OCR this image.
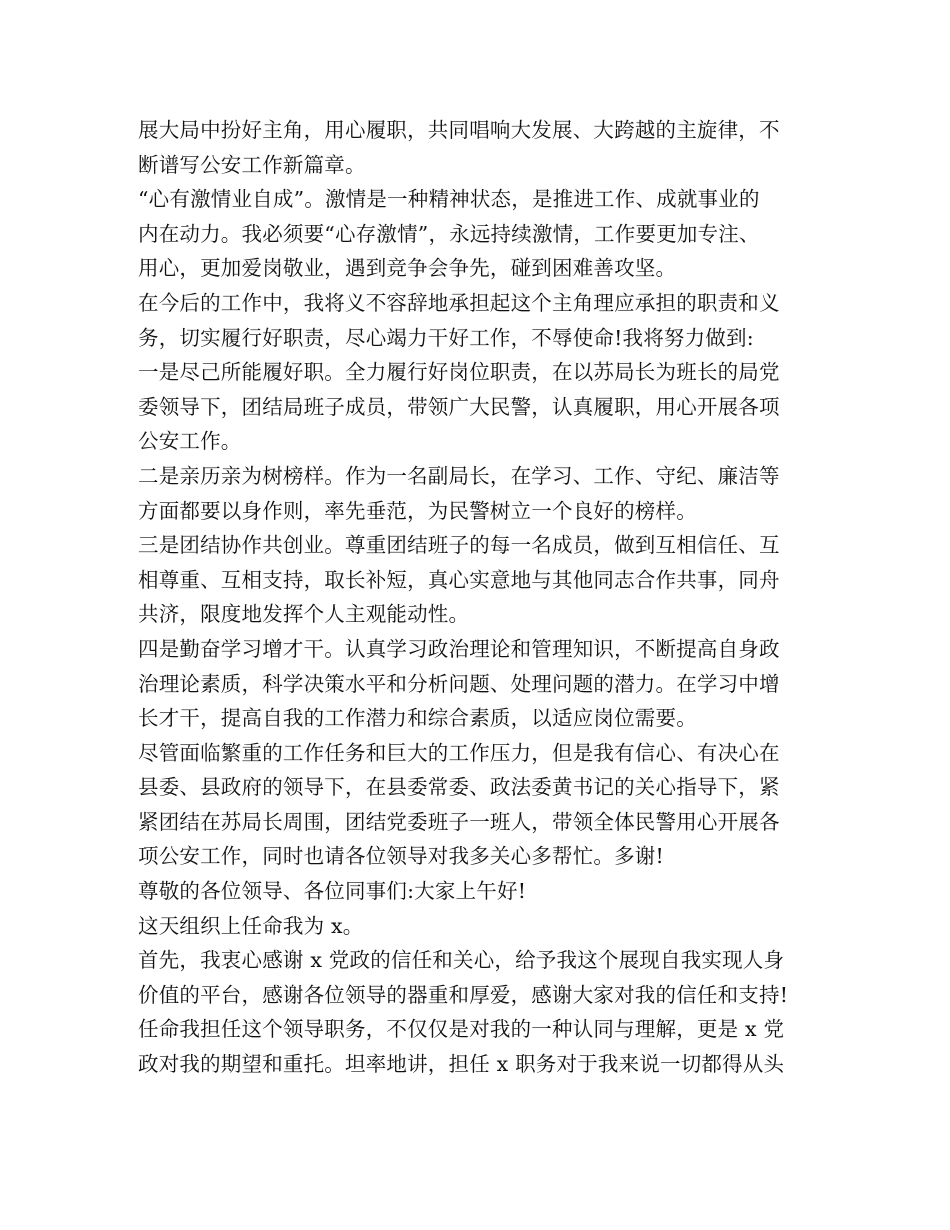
展大局中扮好主角，用心履职，共同唱响大发展、大跨越的主旋律，不
断谱写公安工作新篇章。
“心有激情业自成”。激情是一种精神状态，是推进工作、成就事业的
内在动力。我必须要“心存激情”，永远持续激情，工作要更加专注、
用心，更加爱岗敬业，遇到竞争会争先，碰到困难善攻坚。
在今后的工作中，我将义不容辞地承担起这个主角理应承担的职责和义
务，切实履行好职责，尽心竭力干好工作，不辱使命!我将努力做到:
一是尽己所能履好职。全力履行好岗位职责，在以苏局长为班长的局党
委领导下，团结局班子成员，带领广大民警，认真履职，用心开展各项
公安工作。
二是亲历亲为树榜样。作为一名副局长，在学习、工作、守纪、廉洁等
方面都要以身作则，率先垂范，为民警树立一个良好的榜样。
三是团结协作共创业。尊重团结班子的每一名成员，做到互相信任、互
相尊重、互相支持，取长补短，真心实意地与其他同志合作共事，同舟
共济，限度地发挥个人主观能动性。
四是勤奋学习增才干。认真学习政治理论和管理知识，不断提高自身政
治理论素质，科学决策水平和分析问题、处理问题的潜力。在学习中增
长才干，提高自我的工作潜力和综合素质，以适应岗位需要。
尽管面临繁重的工作任务和巨大的工作压力，但是我有信心、有决心在
县委、县政府的领导下，在县委常委、政法委黄书记的关心指导下，紧
紧团结在苏局长周围，团结党委班子一班人，带领全体民警用心开展各
项公安工作，同时也请各位领导对我多关心多帮忙。多谢!
尊敬的各位领导、各位同事们:大家上午好!
这天组织上任命我为 x。
首先，我衷心感谢 x 党政的信任和关心，给予我这个展现自我实现人身
价值的平台，感谢各位领导的器重和厚爱，感谢大家对我的信任和支持!
任命我担任这个领导职务，不仅仅是对我的一种认同与理解，更是 x 党
政对我的期望和重托。坦率地讲，担任 x 职务对于我来说一切都得从头
